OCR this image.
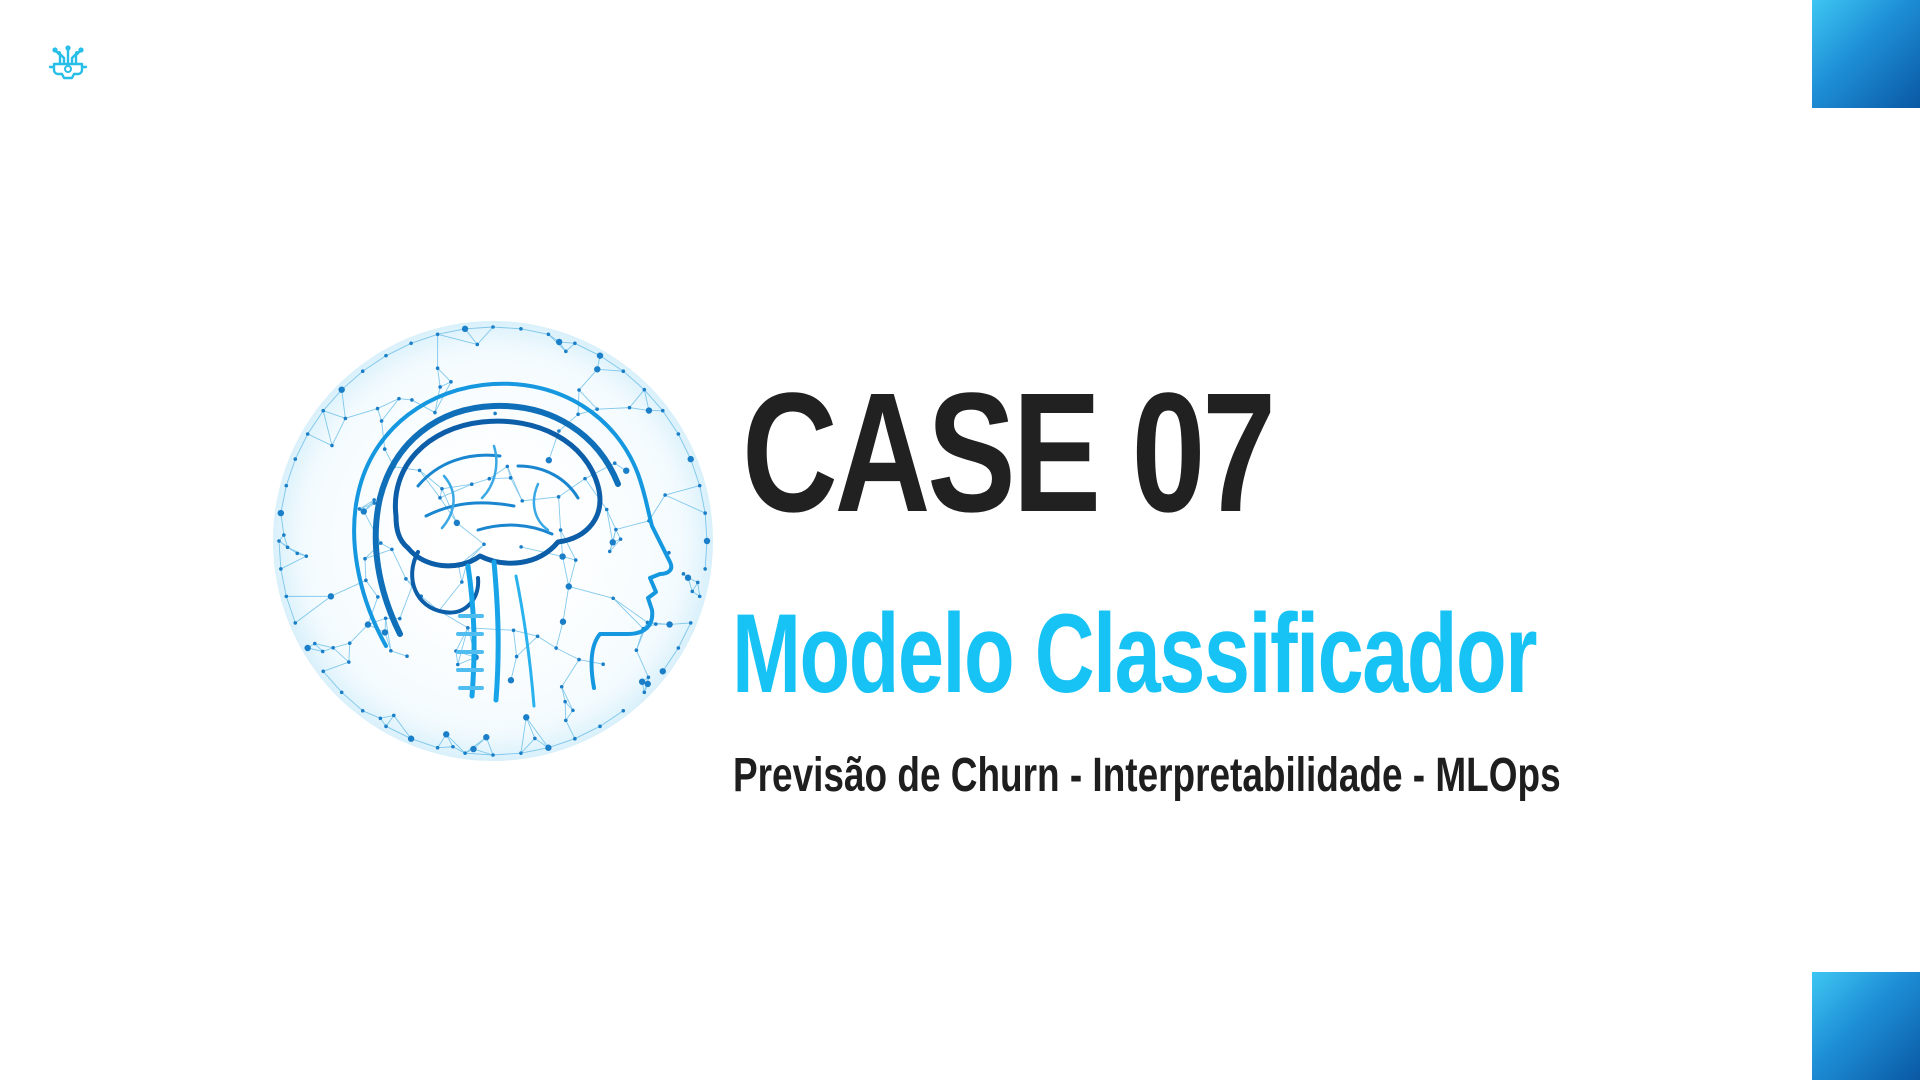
CASE 07
Modelo Classificador

Previsão de Churn - Interpretabilidade - MLOps
